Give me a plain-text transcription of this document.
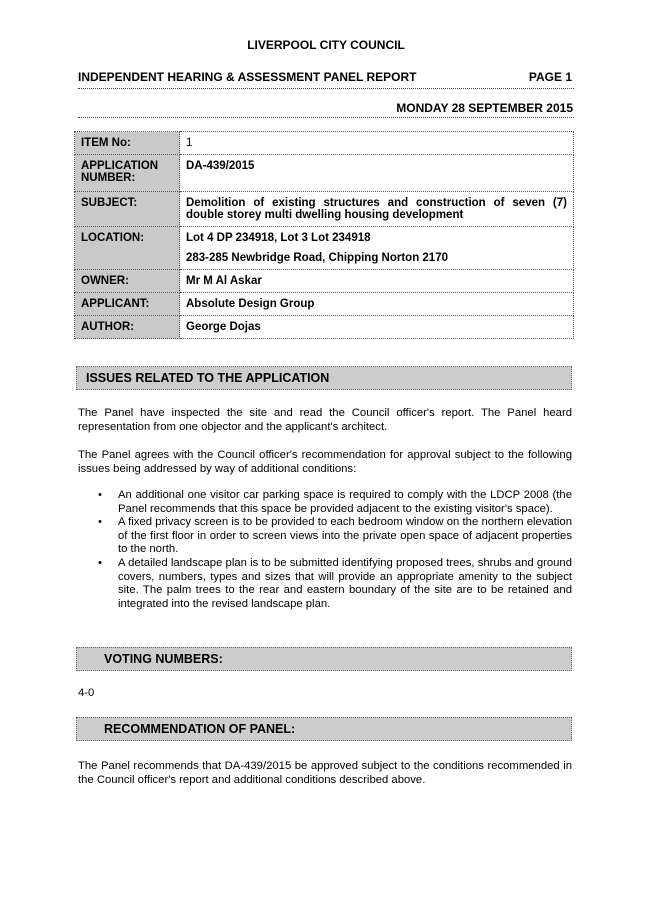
LIVERPOOL CITY COUNCIL
INDEPENDENT HEARING & ASSESSMENT PANEL REPORT	PAGE 1
MONDAY 28 SEPTEMBER 2015
ITEM No:	1
APPLICATION NUMBER:	DA-439/2015
SUBJECT:	Demolition of existing structures and construction of seven (7) double storey multi dwelling housing development
LOCATION:	Lot 4 DP 234918, Lot 3 Lot 234918
283-285 Newbridge Road, Chipping Norton 2170

OWNER:	Mr M Al Askar
APPLICANT:	Absolute Design Group
AUTHOR:	George Dojas
ISSUES RELATED TO THE APPLICATION
The Panel have inspected the site and read the Council officer's report. The Panel heard representation from one objector and the applicant's architect.
The Panel agrees with the Council officer's recommendation for approval subject to the following issues being addressed by way of additional conditions:
• An additional one visitor car parking space is required to comply with the LDCP 2008 (the Panel recommends that this space be provided adjacent to the existing visitor's space).
• A fixed privacy screen is to be provided to each bedroom window on the northern elevation of the first floor in order to screen views into the private open space of adjacent properties to the north.
• A detailed landscape plan is to be submitted identifying proposed trees, shrubs and ground covers, numbers, types and sizes that will provide an appropriate amenity to the subject site. The palm trees to the rear and eastern boundary of the site are to be retained and integrated into the revised landscape plan.
VOTING NUMBERS:
4-0
RECOMMENDATION OF PANEL:
The Panel recommends that DA-439/2015 be approved subject to the conditions recommended in the Council officer's report and additional conditions described above.
